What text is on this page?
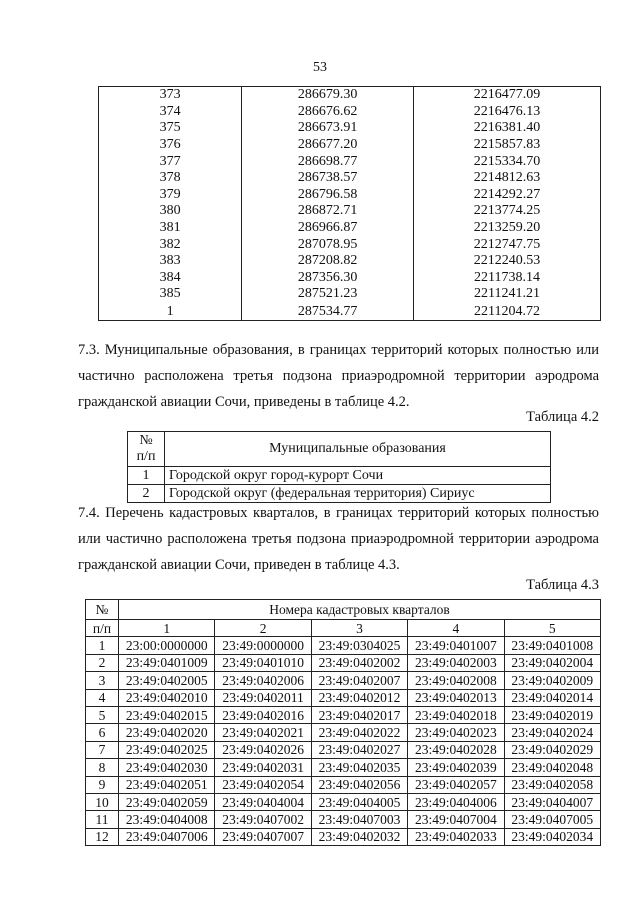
53
373	286679.30	2216477.09
374	286676.62	2216476.13
375	286673.91	2216381.40
376	286677.20	2215857.83
377	286698.77	2215334.70
378	286738.57	2214812.63
379	286796.58	2214292.27
380	286872.71	2213774.25
381	286966.87	2213259.20
382	287078.95	2212747.75
383	287208.82	2212240.53
384	287356.30	2211738.14
385	287521.23	2211241.21
1	287534.77	2211204.72
7.3. Муниципальные образования, в границах территорий которых полностью или частично расположена третья подзона приаэродромной территории аэродрома гражданской авиации Сочи, приведены в таблице 4.2.
Таблица 4.2
№ п/п	Муниципальные образования
1	Городской округ город-курорт Сочи
2	Городской округ (федеральная территория) Сириус
7.4. Перечень кадастровых кварталов, в границах территорий которых полностью или частично расположена третья подзона приаэродромной территории аэродрома гражданской авиации Сочи, приведен в таблице 4.3.
Таблица 4.3
№	Номера кадастровых кварталов				
п/п	1	2	3	4	5
1	23:00:0000000	23:49:0000000	23:49:0304025	23:49:0401007	23:49:0401008
2	23:49:0401009	23:49:0401010	23:49:0402002	23:49:0402003	23:49:0402004
3	23:49:0402005	23:49:0402006	23:49:0402007	23:49:0402008	23:49:0402009
4	23:49:0402010	23:49:0402011	23:49:0402012	23:49:0402013	23:49:0402014
5	23:49:0402015	23:49:0402016	23:49:0402017	23:49:0402018	23:49:0402019
6	23:49:0402020	23:49:0402021	23:49:0402022	23:49:0402023	23:49:0402024
7	23:49:0402025	23:49:0402026	23:49:0402027	23:49:0402028	23:49:0402029
8	23:49:0402030	23:49:0402031	23:49:0402035	23:49:0402039	23:49:0402048
9	23:49:0402051	23:49:0402054	23:49:0402056	23:49:0402057	23:49:0402058
10	23:49:0402059	23:49:0404004	23:49:0404005	23:49:0404006	23:49:0404007
11	23:49:0404008	23:49:0407002	23:49:0407003	23:49:0407004	23:49:0407005
12	23:49:0407006	23:49:0407007	23:49:0402032	23:49:0402033	23:49:0402034
